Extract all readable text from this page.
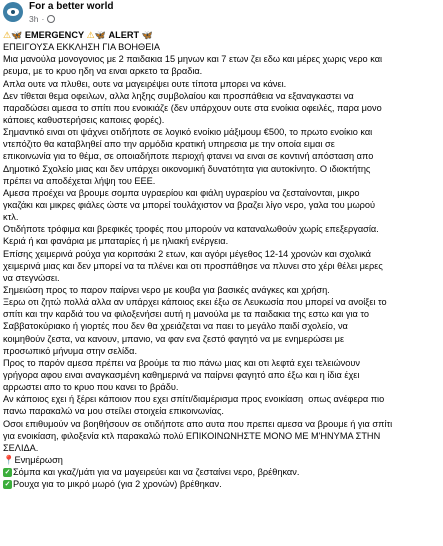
For a better world
3h ·
⚠🦋 EMERGENCY ⚠🦋 ALERT 🦋
ΕΠΕΙΓΟΥΣΑ ΕΚΚΛΗΣΗ ΓΙΑ ΒΟΗΘΕΙΑ
Μια μανούλα μονογονιος με 2 παιδακια 15 μηνων και 7 ετων ζει εδω και μέρες χωρις νερο και
ρευμα, με το κρυο ηδη να ειναι αρκετο τα βραδια.
Απλα ουτε να πλυθει, ουτε να μαγειρέψει ουτε τίποτα μπορει να κάνει.
Δεν τίθεται θεμα οφειλων, αλλα ληξης συμβολαίου και προσπάθεια να εξαναγκαστει να
παραδώσει αμεσα το σπίτι που ενοικιάζε (δεν υπάρχουν ουτε στα ενοίκια οφειλές, παρα μονο
κάποιες καθυστερήσεις καποιες φορές).
Σημαντικό ειναι οτι ψάχνει οτιδήποτε σε λογικό ενοίκιο μάξιμουμ €500, το πρωτο ενοίκιο και
ντεπόζιτο θα καταβληθεί απο την αρμόδια κρατική υπηρεσια με την οποία ειμαι σε
επικοινωνία για το θέμα, σε οποιαδήποτε περιοχή φτανει να ειναι σε κοντινή απόσταση απο
Δημοτικό Σχολείο μιας και δεν υπάρχει οικονομική δυνατότητα για αυτοκίνητο. Ο ιδιοκτήτης
πρέπει να αποδέχεται λήψη του ΕΕΕ.
Αμεσα προέχει να βρουμε σομπα υγραερίου και φιάλη υγραερίου να ζεσταίνονται, μικρο
γκαζάκι και μικρες φιάλες ώστε να μπορεί τουλάχιστον να βραζει λίγο νερο, γαλα του μωρού
κτλ.
Οτιδήποτε τρόφιμα και βρεφικές τροφές που μπορούν να καταναλωθούν χωρίς επεξεργασία.
Κεριά ή και φανάρια με μπαταρίες ή με ηλιακή ενέργεια.
Επίσης χειμερινά ρούχα για κοριτσάκι 2 ετων, και αγόρι μέγεθος 12-14 χρονών και σχολικά
χειμερινά μιας και δεν μπορεί να τα πλένει και οτι προσπάθησε να πλυνει στο χέρι θέλει μερες
να στεγνώσει.
Σημειώση προς το παρον παίρνει νερο με κουβα για βασικές ανάγκες και χρήση.
Ξερω οτι ζητώ πολλά αλλα αν υπάρχει κάποιος εκει έξω σε Λευκωσία που μπορεί να ανοίξει το
σπίτι και την καρδιά του να φιλοξενήσει αυτή η μανούλα με τα παιδακια της εστω και για το
Σαββατοκύριακο ή γιορτές που δεν θα χρειάζεται να παει το μεγάλο παιδί σχολείο, να
κοιμηθούν ζεστα, να κανουν, μπανιο, να φαν ενα ζεστό φαγητό να με ενημερώσει με
προσωπικό μήνυμα στην σελίδα.
Προς το παρόν αμεσα πρέπει να βρούμε τα πιο πάνω μιας και οτι λεφτά εχει τελειώνουν
γρήγορα αφου ειναι αναγκασμένη καθημερινά να παίρνει φαγητό απο έξω και η ίδια έχει
αρρωστει απο το κρυο που κανει το βράδυ.
Αν κάποιος εχει ή ξέρει κάποιον που εχει σπίτι/διαμέρισμα προς ενοικίαση  οπως ανέφερα πιο
πανω παρακαλώ να μου στείλει στοιχεία επικοινωνίας.
Οσοι επιθυμούν να βοηθήσουν σε οτιδήποτε απο αυτα που πρεπει αμεσα να βρουμε ή για σπίτι
για ενοικίαση, φιλοξενία κτλ παρακαλώ πολύ ΕΠΙΚΟΙΝΩΝΗΣΤΕ ΜΟΝΟ ΜΕ Μ'ΗΝΥΜΑ ΣΤΗΝ
ΣΕΛΙΔΑ.
📍Ενημέρωση
✓ Σόμπα και γκαζ/μάτι για να μαγειρεύει και να ζεσταίνει νερο, βρέθηκαν.
✓ Ρουχα για το μικρό μωρό (για 2 χρονών) βρέθηκαν.
